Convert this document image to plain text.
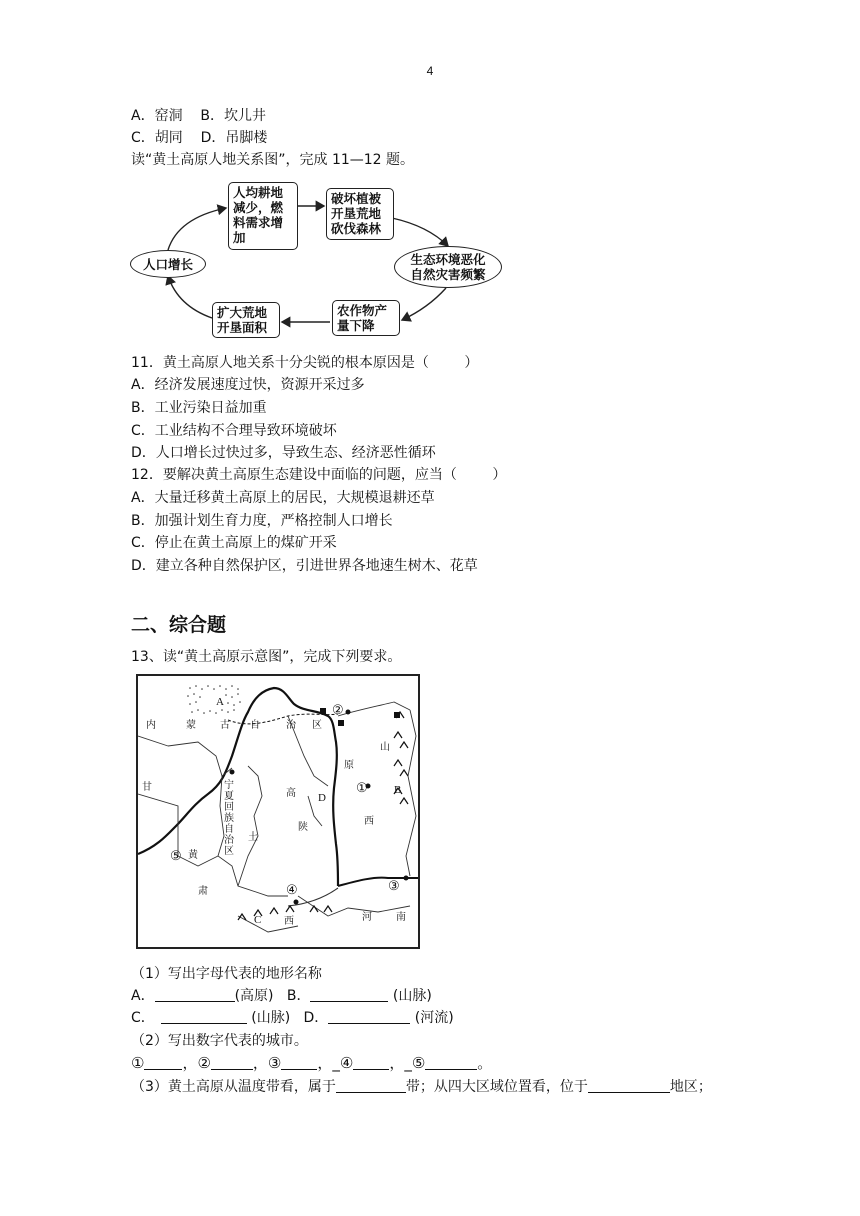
4
A．窑洞    B．坎儿井
C．胡同    D．吊脚楼
读“黄土高原人地关系图”，完成 11—12 题。
人口增长
人均耕地
减少，燃
料需求增
加
破坏植被
开垦荒地
砍伐森林
生态环境恶化
自然灾害频繁
农作物产
量下降
扩大荒地
开垦面积
11．黄土高原人地关系十分尖锐的根本原因是（        ）
A．经济发展速度过快，资源开采过多
B．工业污染日益加重
C．工业结构不合理导致环境破坏
D．人口增长过快过多，导致生态、经济恶性循环
12．要解决黄土高原生态建设中面临的问题，应当（        ）
A．大量迁移黄土高原上的居民，大规模退耕还草
B．加强计划生育力度，严格控制人口增长
C．停止在黄土高原上的煤矿开采
D．建立各种自然保护区，引进世界各地速生树木、花草
二、综合题
13、读“黄土高原示意图”，完成下列要求。
A
B
C
D
①
②
③
④
⑤
内	蒙 古 自	治 区
甘	宁
夏
回
族
自
治
区
土
高
陕
原
山
西
黄
肃
西	河 南
（1）写出字母代表的地形名称
A．	(高原)   B．	(山脉)
C．	(山脉)   D．	(河流)
（2）写出数字代表的城市。
①	，②	，③ ，_④ ，_⑤	。
（3）黄土高原从温度带看，属于	带；从四大区域位置看，位于	地区；
